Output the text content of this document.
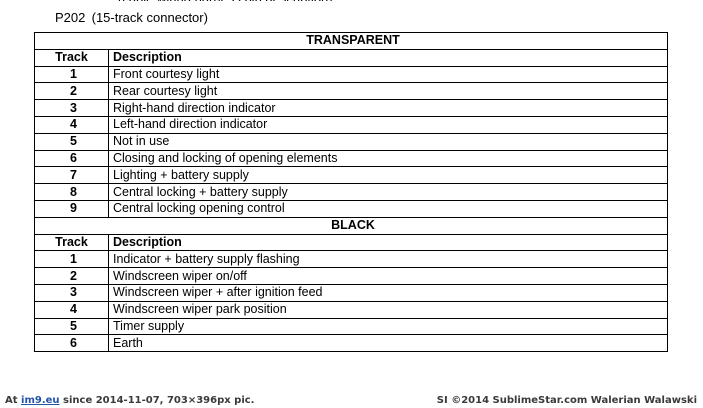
P202 (15-track connector)
TRANSPARENT	
Track	Description
1	Front courtesy light
2	Rear courtesy light
3	Right-hand direction indicator
4	Left-hand direction indicator
5	Not in use
6	Closing and locking of opening elements
7	Lighting + battery supply
8	Central locking + battery supply
9	Central locking opening control
BLACK	
Track	Description
1	Indicator + battery supply flashing
2	Windscreen wiper on/off
3	Windscreen wiper + after ignition feed
4	Windscreen wiper park position
5	Timer supply
6	Earth
At im9.eu since 2014-11-07, 703×396px pic.	SI ©2014 SublimeStar.com Walerian Walawski
